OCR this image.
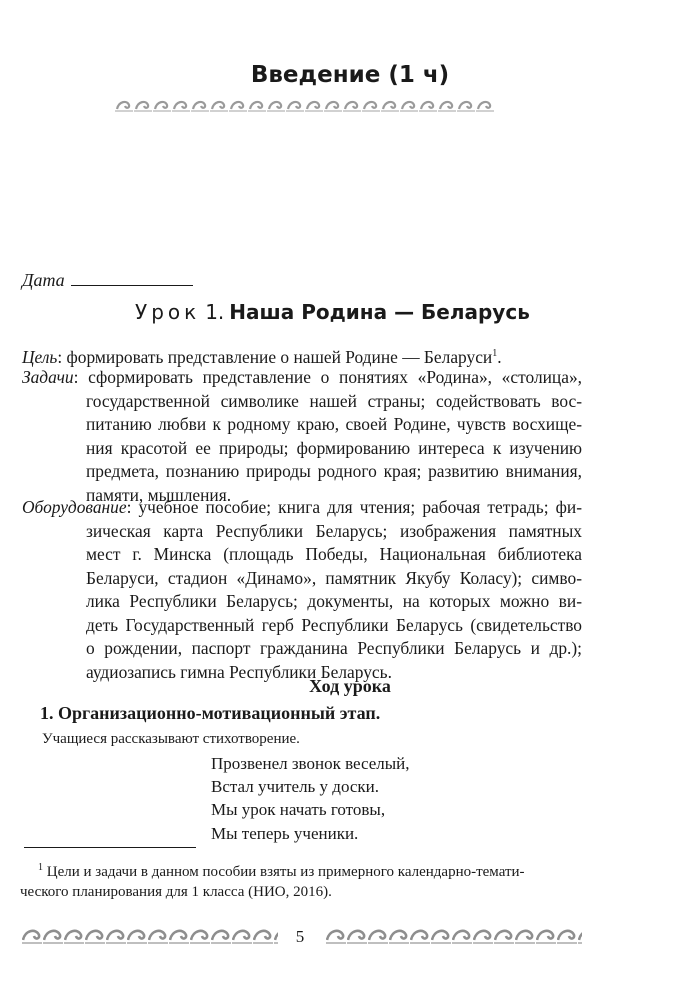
Введение (1 ч)
Дата
Урок 1. Наша Родина — Беларусь
Цель: формировать представление о нашей Родине — Беларуси$^1$.
Задачи: сформировать представление о понятиях «Родина», «столица»,
государственной символике нашей страны; содействовать вос-
питанию любви к родному краю, своей Родине, чувств восхище-
ния красотой ее природы; формированию интереса к изучению
предмета, познанию природы родного края; развитию внимания,
памяти, мышления.
Оборудование: учебное пособие; книга для чтения; рабочая тетрадь; фи-
зическая карта Республики Беларусь; изображения памятных
мест г. Минска (площадь Победы, Национальная библиотека
Беларуси, стадион «Динамо», памятник Якубу Коласу); симво-
лика Республики Беларусь; документы, на которых можно ви-
деть Государственный герб Республики Беларусь (свидетельство
о рождении, паспорт гражданина Республики Беларусь и др.);
аудиозапись гимна Республики Беларусь.
Ход урока
1. Организационно-мотивационный этап.
Учащиеся рассказывают стихотворение.
Прозвенел звонок веселый,
Встал учитель у доски.
Мы урок начать готовы,
Мы теперь ученики.
$^1$ Цели и задачи в данном пособии взяты из примерного календарно-темати-
ческого планирования для 1 класса (НИО, 2016).
5
